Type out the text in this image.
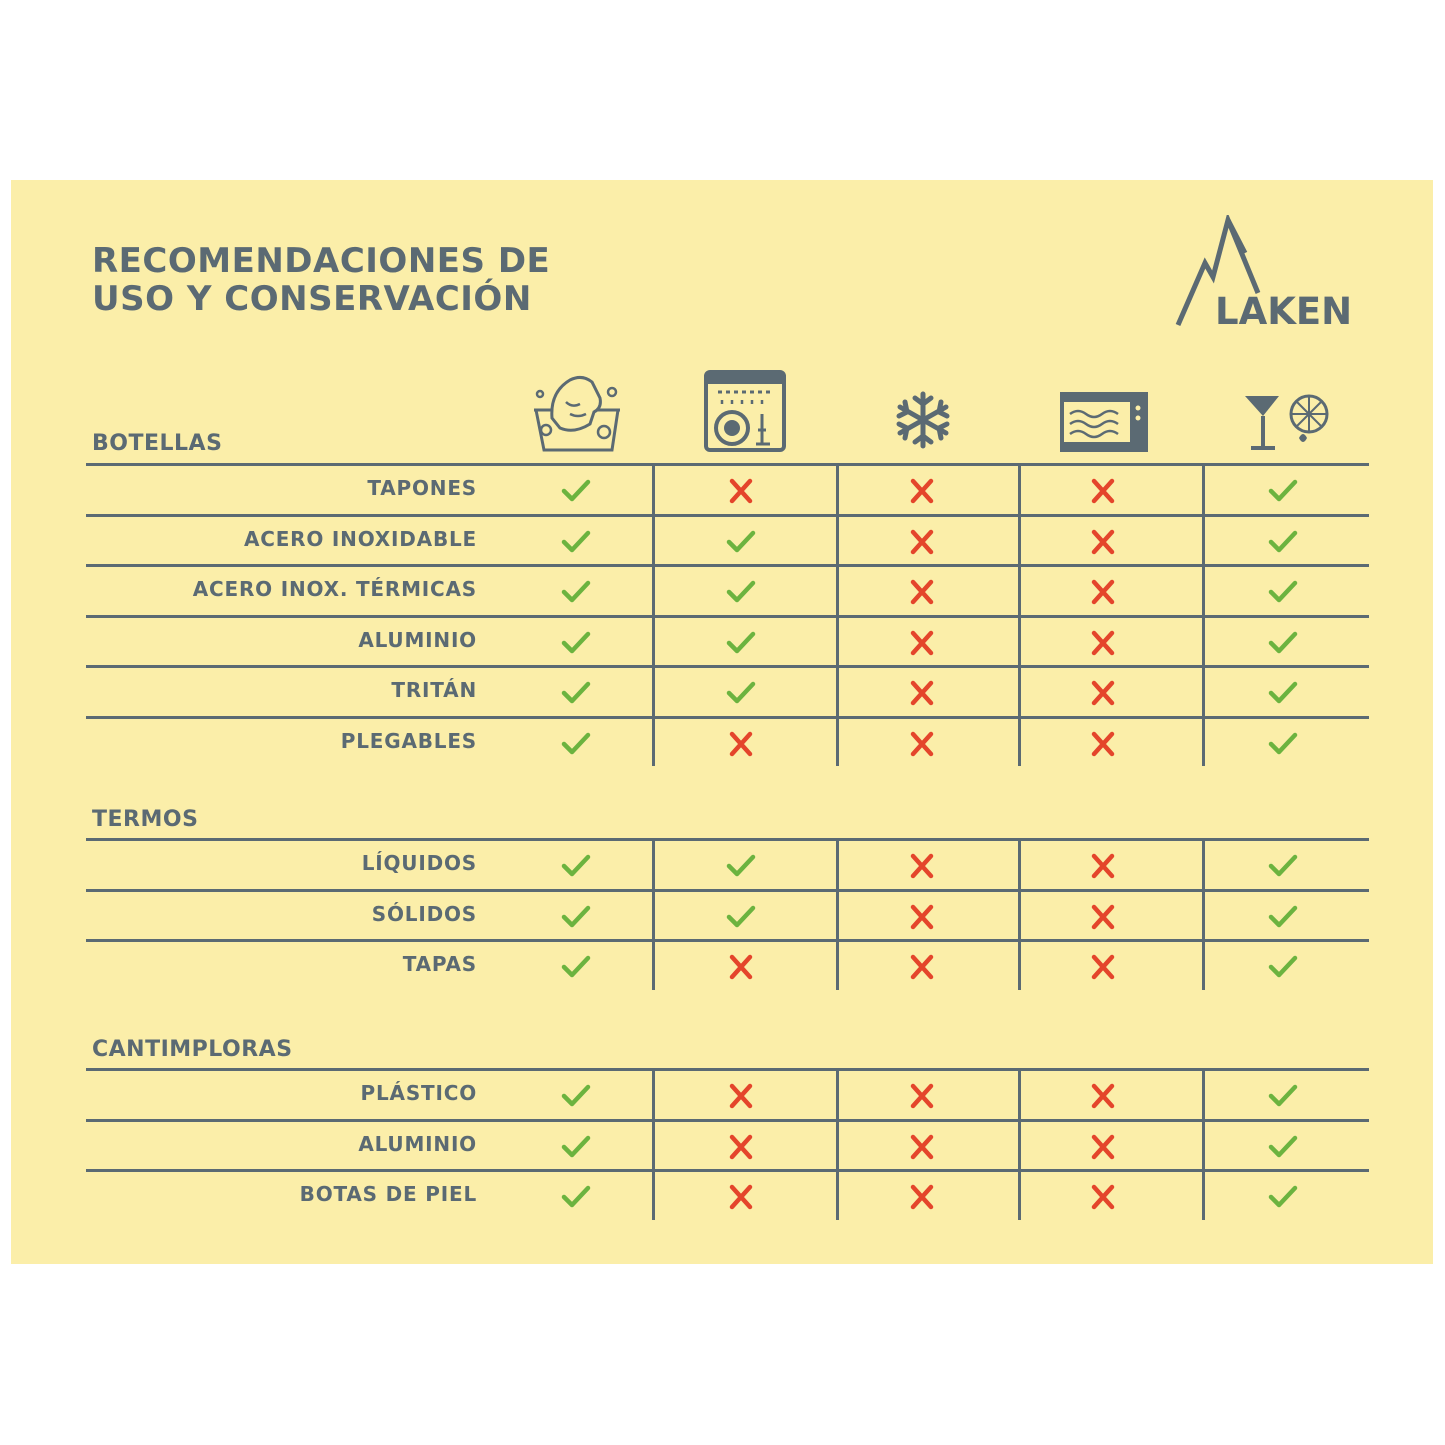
RECOMENDACIONES DE
USO Y CONSERVACIÓN	LAKEN
BOTELLAS
TAPONES
ACERO INOXIDABLE
ACERO INOX. TÉRMICAS
ALUMINIO
TRITÁN
PLEGABLES
TERMOS
LÍQUIDOS
SÓLIDOS
TAPAS
CANTIMPLORAS
PLÁSTICO
ALUMINIO
BOTAS DE PIEL
